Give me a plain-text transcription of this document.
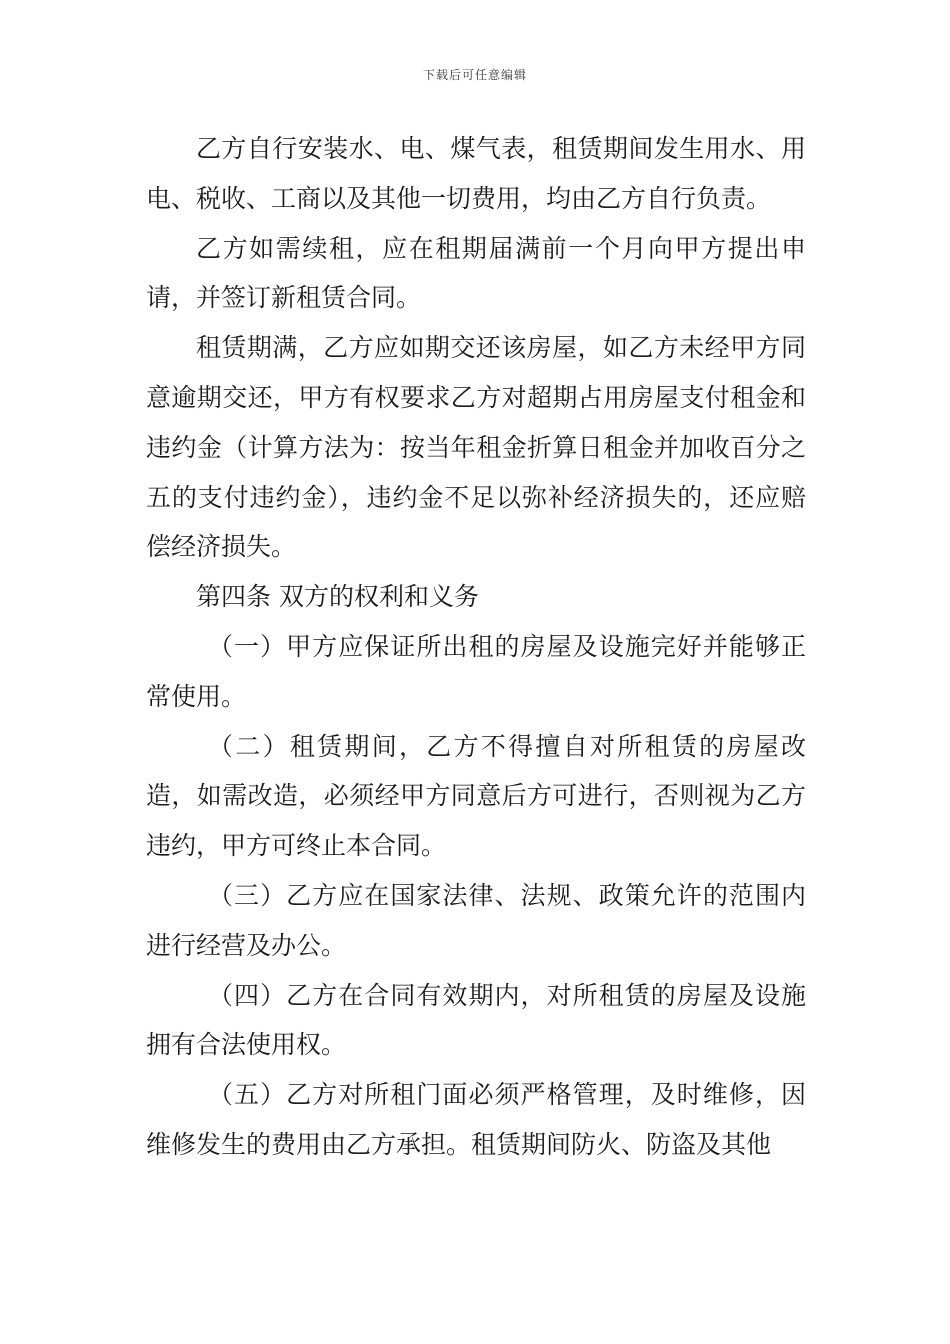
下载后可任意编辑

乙方自行安装水、电、煤气表，租赁期间发生用水、用电、税收、工商以及其他一切费用，均由乙方自行负责。

乙方如需续租，应在租期届满前一个月向甲方提出申请，并签订新租赁合同。

租赁期满，乙方应如期交还该房屋，如乙方未经甲方同意逾期交还，甲方有权要求乙方对超期占用房屋支付租金和违约金（计算方法为：按当年租金折算日租金并加收百分之五的支付违约金），违约金不足以弥补经济损失的，还应赔偿经济损失。

第四条 双方的权利和义务

（一）甲方应保证所出租的房屋及设施完好并能够正常使用。

（二）租赁期间，乙方不得擅自对所租赁的房屋改造，如需改造，必须经甲方同意后方可进行，否则视为乙方违约，甲方可终止本合同。

（三）乙方应在国家法律、法规、政策允许的范围内进行经营及办公。

（四）乙方在合同有效期内，对所租赁的房屋及设施拥有合法使用权。

（五）乙方对所租门面必须严格管理，及时维修，因维修发生的费用由乙方承担。租赁期间防火、防盗及其他
